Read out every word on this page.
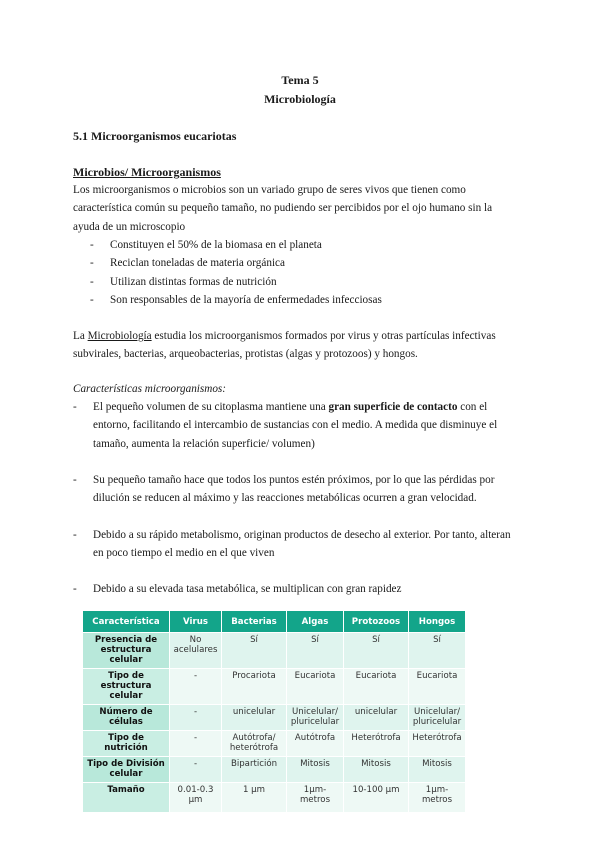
Tema 5
Microbiología
5.1 Microorganismos eucariotas
Microbios/ Microorganismos
Los microorganismos o microbios son un variado grupo de seres vivos que tienen como
característica común su pequeño tamaño, no pudiendo ser percibidos por el ojo humano sin la
ayuda de un microscopio
- Constituyen el 50% de la biomasa en el planeta
- Reciclan toneladas de materia orgánica
- Utilizan distintas formas de nutrición
- Son responsables de la mayoría de enfermedades infecciosas
La Microbiología estudia los microorganismos formados por virus y otras partículas infectivas
subvirales, bacterias, arqueobacterias, protistas (algas y protozoos) y hongos.
Características microorganismos:
- El pequeño volumen de su citoplasma mantiene una gran superficie de contacto con el
entorno, facilitando el intercambio de sustancias con el medio. A medida que disminuye el
tamaño, aumenta la relación superficie/ volumen)
- Su pequeño tamaño hace que todos los puntos estén próximos, por lo que las pérdidas por
dilución se reducen al máximo y las reacciones metabólicas ocurren a gran velocidad.
- Debido a su rápido metabolismo, originan productos de desecho al exterior. Por tanto, alteran
en poco tiempo el medio en el que viven
- Debido a su elevada tasa metabólica, se multiplican con gran rapidez
Característica	Virus	Bacterias	Algas	Protozoos	Hongos
Presencia de estructura celular	No acelulares	Sí	Sí	Sí	Sí
Tipo de estructura celular	-	Procariota	Eucariota	Eucariota	Eucariota
Número de células	-	unicelular	Unicelular/ pluricelular	unicelular	Unicelular/ pluricelular
Tipo de nutrición	-	Autótrofa/ heterótrofa	Autótrofa	Heterótrofa	Heterótrofa
Tipo de División celular	-	Bipartición	Mitosis	Mitosis	Mitosis
Tamaño	0.01-0.3 µm	1 µm	1µm-metros	10-100 µm	1µm-metros
